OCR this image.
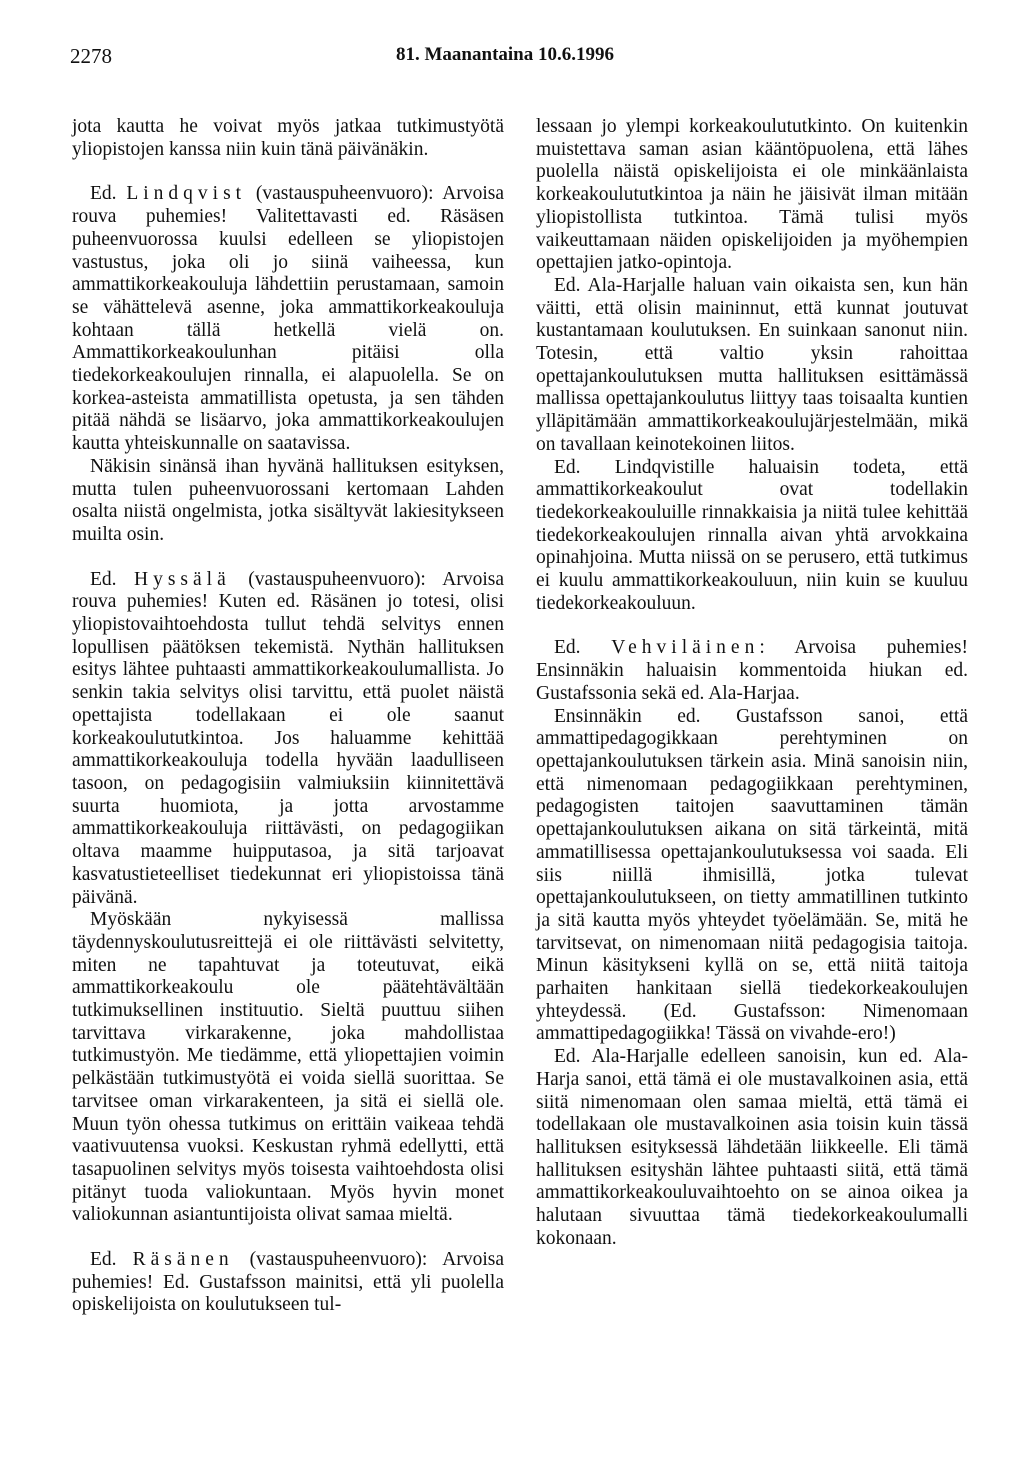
2278	81. Maanantaina 10.6.1996

jota kautta he voivat myös jatkaa tutkimustyötä yliopistojen kanssa niin kuin tänä päivänäkin.

Ed. Lindqvist (vastauspuheenvuoro): Arvoisa rouva puhemies! Valitettavasti ed. Räsäsen puheenvuorossa kuulsi edelleen se yliopistojen vastustus, joka oli jo siinä vaiheessa, kun ammattikorkeakouluja lähdettiin perustamaan, samoin se vähättelevä asenne, joka ammattikorkeakouluja kohtaan tällä hetkellä vielä on. Ammattikorkeakoulunhan pitäisi olla tiedekorkeakoulujen rinnalla, ei alapuolella. Se on korkea-asteista ammatillista opetusta, ja sen tähden pitää nähdä se lisäarvo, joka ammattikorkeakoulujen kautta yhteiskunnalle on saatavissa.

Näkisin sinänsä ihan hyvänä hallituksen esityksen, mutta tulen puheenvuorossani kertomaan Lahden osalta niistä ongelmista, jotka sisältyvät lakiesitykseen muilta osin.

Ed. Hyssälä (vastauspuheenvuoro): Arvoisa rouva puhemies! Kuten ed. Räsänen jo totesi, olisi yliopistovaihtoehdosta tullut tehdä selvitys ennen lopullisen päätöksen tekemistä. Nythän hallituksen esitys lähtee puhtaasti ammattikorkeakoulumallista. Jo senkin takia selvitys olisi tarvittu, että puolet näistä opettajista todellakaan ei ole saanut korkeakoulututkintoa. Jos haluamme kehittää ammattikorkeakouluja todella hyvään laadulliseen tasoon, on pedagogisiin valmiuksiin kiinnitettävä suurta huomiota, ja jotta arvostamme ammattikorkeakouluja riittävästi, on pedagogiikan oltava maamme huipputasoa, ja sitä tarjoavat kasvatustieteelliset tiedekunnat eri yliopistoissa tänä päivänä.

Myöskään nykyisessä mallissa täydennyskoulutusreittejä ei ole riittävästi selvitetty, miten ne tapahtuvat ja toteutuvat, eikä ammattikorkeakoulu ole päätehtävältään tutkimuksellinen instituutio. Sieltä puuttuu siihen tarvittava virkarakenne, joka mahdollistaa tutkimustyön. Me tiedämme, että yliopettajien voimin pelkästään tutkimustyötä ei voida siellä suorittaa. Se tarvitsee oman virkarakenteen, ja sitä ei siellä ole. Muun työn ohessa tutkimus on erittäin vaikeaa tehdä vaativuutensa vuoksi. Keskustan ryhmä edellytti, että tasapuolinen selvitys myös toisesta vaihtoehdosta olisi pitänyt tuoda valiokuntaan. Myös hyvin monet valiokunnan asiantuntijoista olivat samaa mieltä.

Ed. Räsänen (vastauspuheenvuoro): Arvoisa puhemies! Ed. Gustafsson mainitsi, että yli puolella opiskelijoista on koulutukseen tul-

lessaan jo ylempi korkeakoulututkinto. On kuitenkin muistettava saman asian kääntöpuolena, että lähes puolella näistä opiskelijoista ei ole minkäänlaista korkeakoulututkintoa ja näin he jäisivät ilman mitään yliopistollista tutkintoa. Tämä tulisi myös vaikeuttamaan näiden opiskelijoiden ja myöhempien opettajien jatko-opintoja.

Ed. Ala-Harjalle haluan vain oikaista sen, kun hän väitti, että olisin maininnut, että kunnat joutuvat kustantamaan koulutuksen. En suinkaan sanonut niin. Totesin, että valtio yksin rahoittaa opettajankoulutuksen mutta hallituksen esittämässä mallissa opettajankoulutus liittyy taas toisaalta kuntien ylläpitämään ammattikorkeakoulujärjestelmään, mikä on tavallaan keinotekoinen liitos.

Ed. Lindqvistille haluaisin todeta, että ammattikorkeakoulut ovat todellakin tiedekorkeakouluille rinnakkaisia ja niitä tulee kehittää tiedekorkeakoulujen rinnalla aivan yhtä arvokkaina opinahjoina. Mutta niissä on se perusero, että tutkimus ei kuulu ammattikorkeakouluun, niin kuin se kuuluu tiedekorkeakouluun.

Ed. Vehviläinen: Arvoisa puhemies! Ensinnäkin haluaisin kommentoida hiukan ed. Gustafssonia sekä ed. Ala-Harjaa.

Ensinnäkin ed. Gustafsson sanoi, että ammattipedagogikkaan perehtyminen on opettajankoulutuksen tärkein asia. Minä sanoisin niin, että nimenomaan pedagogiikkaan perehtyminen, pedagogisten taitojen saavuttaminen tämän opettajankoulutuksen aikana on sitä tärkeintä, mitä ammatillisessa opettajankoulutuksessa voi saada. Eli siis niillä ihmisillä, jotka tulevat opettajankoulutukseen, on tietty ammatillinen tutkinto ja sitä kautta myös yhteydet työelämään. Se, mitä he tarvitsevat, on nimenomaan niitä pedagogisia taitoja. Minun käsitykseni kyllä on se, että niitä taitoja parhaiten hankitaan siellä tiedekorkeakoulujen yhteydessä. (Ed. Gustafsson: Nimenomaan ammattipedagogiikka! Tässä on vivahde-ero!)

Ed. Ala-Harjalle edelleen sanoisin, kun ed. Ala-Harja sanoi, että tämä ei ole mustavalkoinen asia, että siitä nimenomaan olen samaa mieltä, että tämä ei todellakaan ole mustavalkoinen asia toisin kuin tässä hallituksen esityksessä lähdetään liikkeelle. Eli tämä hallituksen esityshän lähtee puhtaasti siitä, että tämä ammattikorkeakouluvaihtoehto on se ainoa oikea ja halutaan sivuuttaa tämä tiedekorkeakoulumalli kokonaan.
